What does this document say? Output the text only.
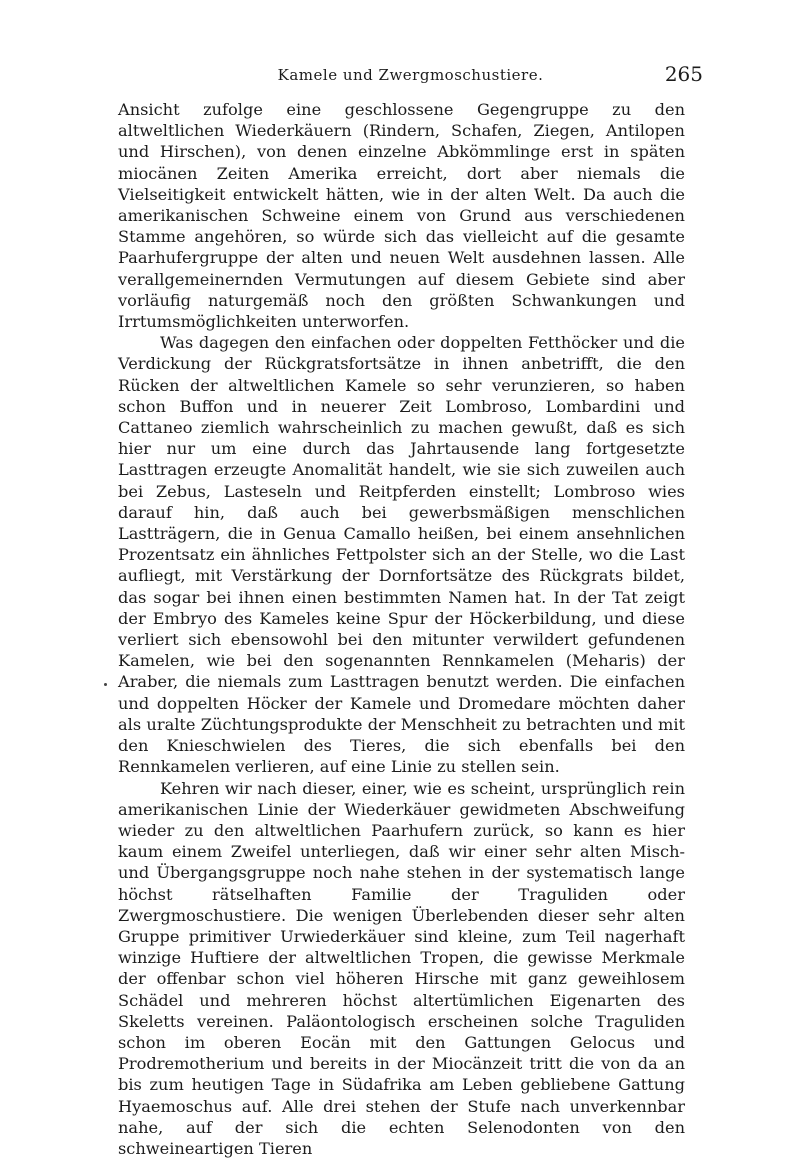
Kamele und Zwergmoschustiere.	265

Ansicht zufolge eine geschlossene Gegengruppe zu den altweltlichen Wiederkäuern (Rindern, Schafen, Ziegen, Antilopen und Hirschen), von denen einzelne Abkömmlinge erst in späten miocänen Zeiten Amerika erreicht, dort aber niemals die Vielseitigkeit entwickelt hätten, wie in der alten Welt. Da auch die amerikanischen Schweine einem von Grund aus verschiedenen Stamme angehören, so würde sich das vielleicht auf die gesamte Paarhufergruppe der alten und neuen Welt ausdehnen lassen. Alle verallgemeinernden Vermutungen auf diesem Gebiete sind aber vorläufig naturgemäß noch den größten Schwankungen und Irrtumsmöglichkeiten unterworfen.

Was dagegen den einfachen oder doppelten Fetthöcker und die Verdickung der Rückgratsfortsätze in ihnen anbetrifft, die den Rücken der altweltlichen Kamele so sehr verunzieren, so haben schon Buffon und in neuerer Zeit Lombroso, Lombardini und Cattaneo ziemlich wahrscheinlich zu machen gewußt, daß es sich hier nur um eine durch das Jahrtausende lang fortgesetzte Lasttragen erzeugte Anomalität handelt, wie sie sich zuweilen auch bei Zebus, Lasteseln und Reitpferden einstellt; Lombroso wies darauf hin, daß auch bei gewerbsmäßigen menschlichen Lastträgern, die in Genua Camallo heißen, bei einem ansehnlichen Prozentsatz ein ähnliches Fettpolster sich an der Stelle, wo die Last aufliegt, mit Verstärkung der Dornfortsätze des Rückgrats bildet, das sogar bei ihnen einen bestimmten Namen hat. In der Tat zeigt der Embryo des Kameles keine Spur der Höckerbildung, und diese verliert sich ebensowohl bei den mitunter verwildert gefundenen Kamelen, wie bei den sogenannten Rennkamelen (Meharis) der Araber, die niemals zum Lasttragen benutzt werden. Die einfachen und doppelten Höcker der Kamele und Dromedare möchten daher als uralte Züchtungsprodukte der Menschheit zu betrachten und mit den Knieschwielen des Tieres, die sich ebenfalls bei den Rennkamelen verlieren, auf eine Linie zu stellen sein.

Kehren wir nach dieser, einer, wie es scheint, ursprünglich rein amerikanischen Linie der Wiederkäuer gewidmeten Abschweifung wieder zu den altweltlichen Paarhufern zurück, so kann es hier kaum einem Zweifel unterliegen, daß wir einer sehr alten Misch- und Übergangsgruppe noch nahe stehen in der systematisch lange höchst rätselhaften Familie der Traguliden oder Zwergmoschustiere. Die wenigen Überlebenden dieser sehr alten Gruppe primitiver Urwiederkäuer sind kleine, zum Teil nagerhaft winzige Huftiere der altweltlichen Tropen, die gewisse Merkmale der offenbar schon viel höheren Hirsche mit ganz geweihlosem Schädel und mehreren höchst altertümlichen Eigenarten des Skeletts vereinen. Paläontologisch erscheinen solche Traguliden schon im oberen Eocän mit den Gattungen Gelocus und Prodremotherium und bereits in der Miocänzeit tritt die von da an bis zum heutigen Tage in Südafrika am Leben gebliebene Gattung Hyaemoschus auf. Alle drei stehen der Stufe nach unverkennbar nahe, auf der sich die echten Selenodonten von den schweineartigen Tieren
